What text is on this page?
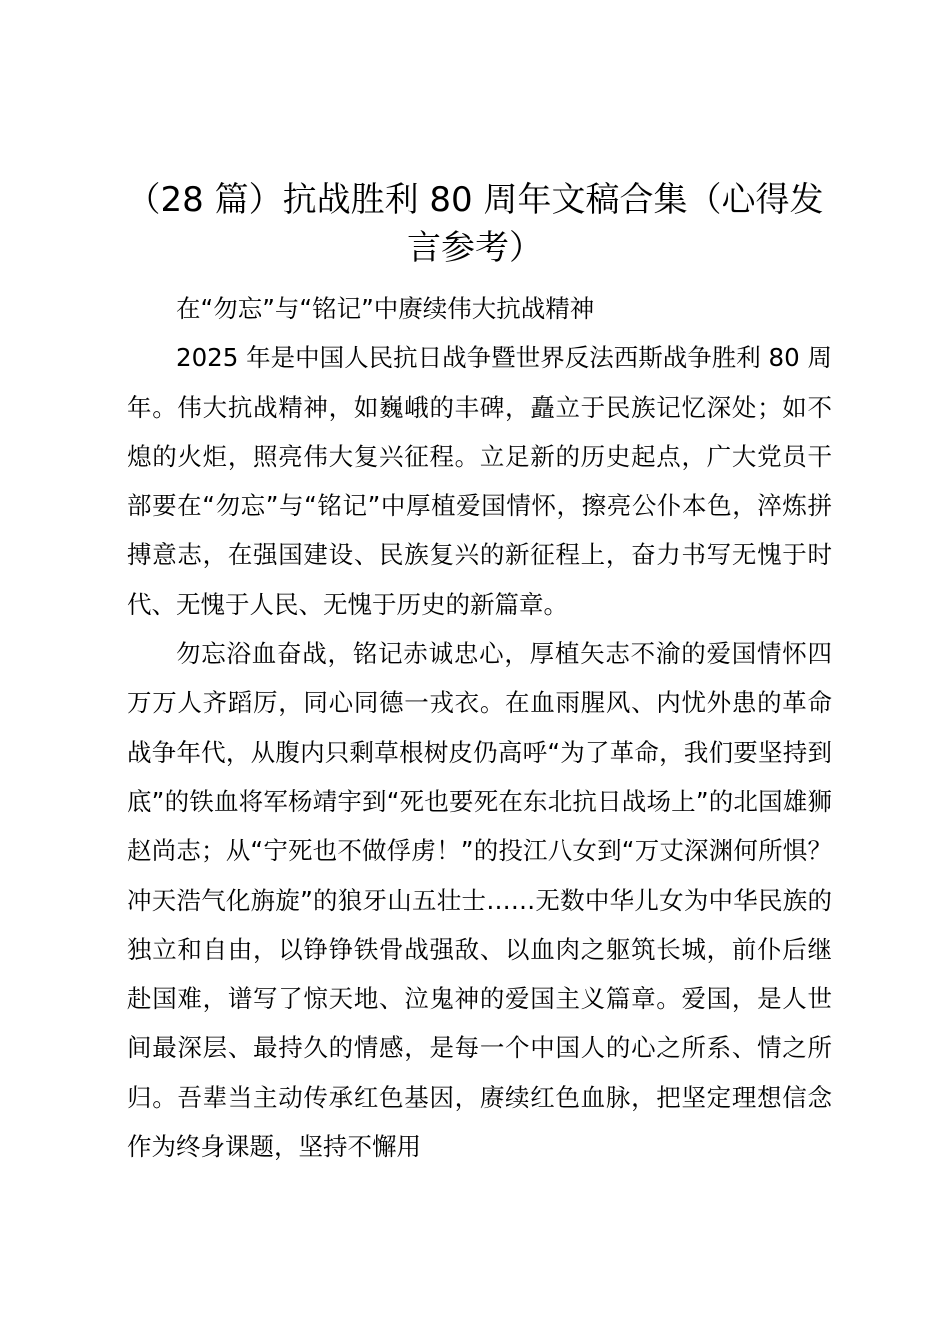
（28 篇）抗战胜利 80 周年文稿合集（心得发言参考）

在“勿忘”与“铭记”中赓续伟大抗战精神

2025 年是中国人民抗日战争暨世界反法西斯战争胜利 80 周年。伟大抗战精神，如巍峨的丰碑，矗立于民族记忆深处；如不熄的火炬，照亮伟大复兴征程。立足新的历史起点，广大党员干部要在“勿忘”与“铭记”中厚植爱国情怀，擦亮公仆本色，淬炼拼搏意志，在强国建设、民族复兴的新征程上，奋力书写无愧于时代、无愧于人民、无愧于历史的新篇章。

勿忘浴血奋战，铭记赤诚忠心，厚植矢志不渝的爱国情怀四万万人齐蹈厉，同心同德一戎衣。在血雨腥风、内忧外患的革命战争年代，从腹内只剩草根树皮仍高呼“为了革命，我们要坚持到底”的铁血将军杨靖宇到“死也要死在东北抗日战场上”的北国雄狮赵尚志；从“宁死也不做俘虏！”的投江八女到“万丈深渊何所惧？冲天浩气化旃旋”的狼牙山五壮士……无数中华儿女为中华民族的独立和自由，以铮铮铁骨战强敌、以血肉之躯筑长城，前仆后继赴国难，谱写了惊天地、泣鬼神的爱国主义篇章。爱国，是人世间最深层、最持久的情感，是每一个中国人的心之所系、情之所归。吾辈当主动传承红色基因，赓续红色血脉，把坚定理想信念作为终身课题，坚持不懈用
